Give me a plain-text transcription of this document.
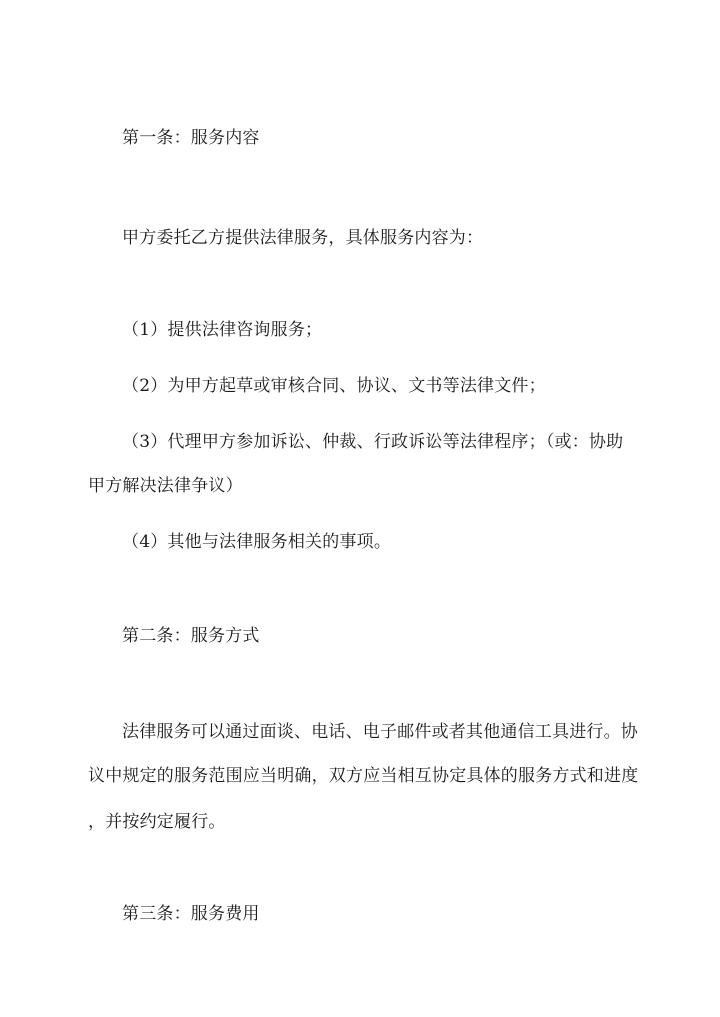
第一条：服务内容
甲方委托乙方提供法律服务，具体服务内容为：
（1）提供法律咨询服务；
（2）为甲方起草或审核合同、协议、文书等法律文件；
（3）代理甲方参加诉讼、仲裁、行政诉讼等法律程序；（或：协助
甲方解决法律争议）
（4）其他与法律服务相关的事项。
第二条：服务方式
法律服务可以通过面谈、电话、电子邮件或者其他通信工具进行。协
议中规定的服务范围应当明确，双方应当相互协定具体的服务方式和进度
，并按约定履行。
第三条：服务费用
